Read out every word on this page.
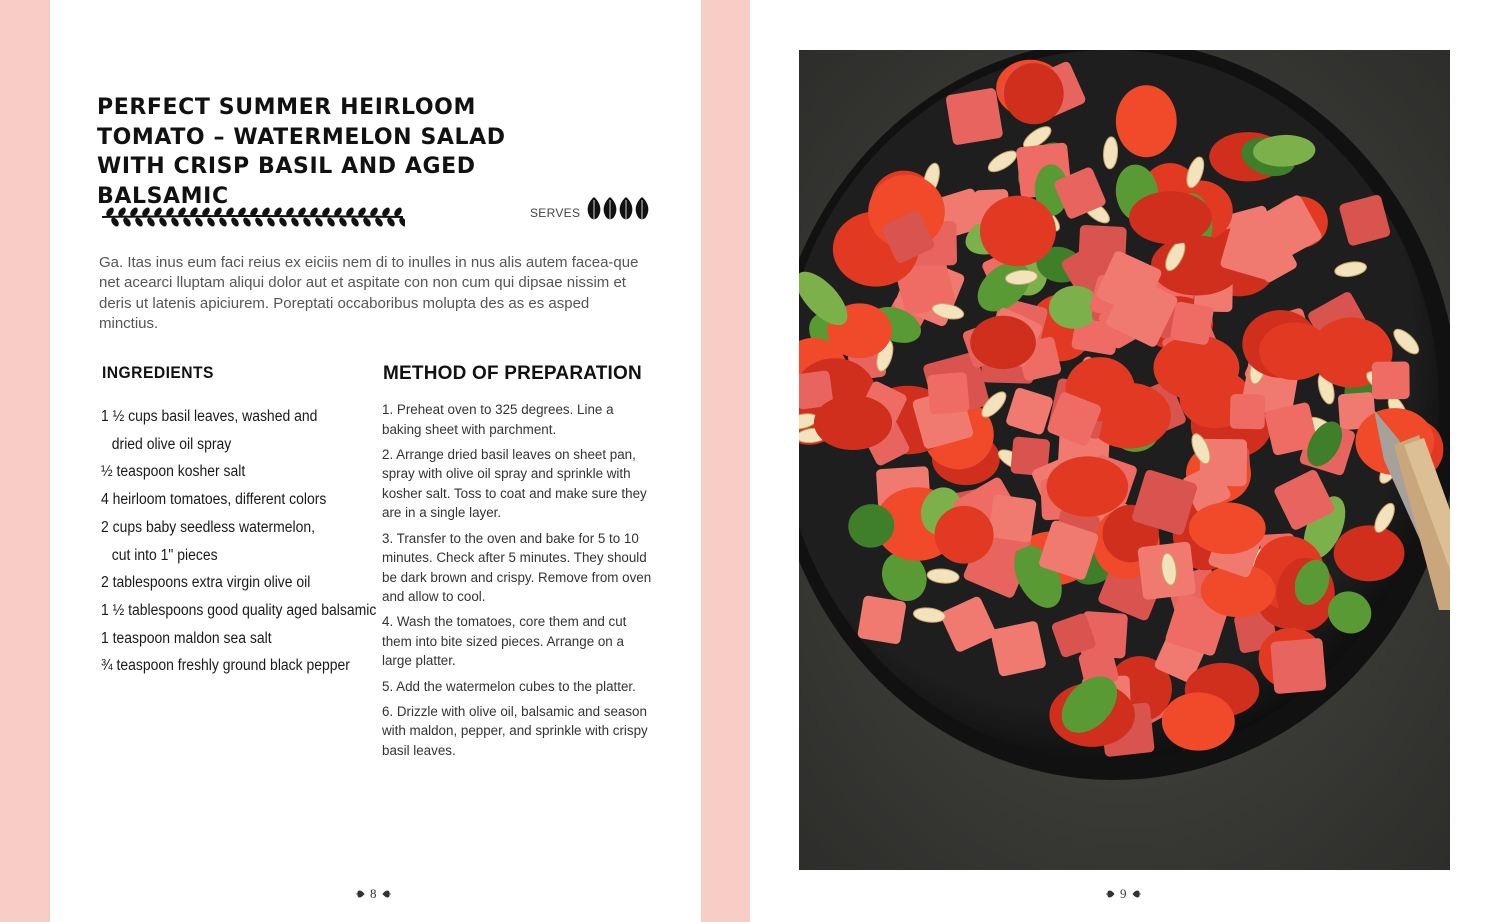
PERFECT SUMMER HEIRLOOM TOMATO – WATERMELON SALAD WITH CRISP BASIL AND AGED BALSAMIC
SERVES

Ga. Itas inus eum faci reius ex eiciis nem di to inulles in nus alis autem facea-que net acearci lluptam aliqui dolor aut et aspitate con non cum qui dipsae nissim et deris ut latenis apiciurem. Poreptati occaboribus molupta des as es asped minctius.

INGREDIENTS
1 ½ cups basil leaves, washed and
dried olive oil spray
½ teaspoon kosher salt
4 heirloom tomatoes, different colors
2 cups baby seedless watermelon,
cut into 1" pieces
2 tablespoons extra virgin olive oil
1 ½ tablespoons good quality aged balsamic
1 teaspoon maldon sea salt
¾ teaspoon freshly ground black pepper
METHOD OF PREPARATION
1. Preheat oven to 325 degrees. Line a baking sheet with parchment.
2. Arrange dried basil leaves on sheet pan, spray with olive oil spray and sprinkle with kosher salt. Toss to coat and make sure they are in a single layer.
3. Transfer to the oven and bake for 5 to 10 minutes. Check after 5 minutes. They should be dark brown and crispy. Remove from oven and allow to cool.
4. Wash the tomatoes, core them and cut them into bite sized pieces. Arrange on a large platter.
5. Add the watermelon cubes to the platter.
6. Drizzle with olive oil, balsamic and season with maldon, pepper, and sprinkle with crispy basil leaves.
8	9
